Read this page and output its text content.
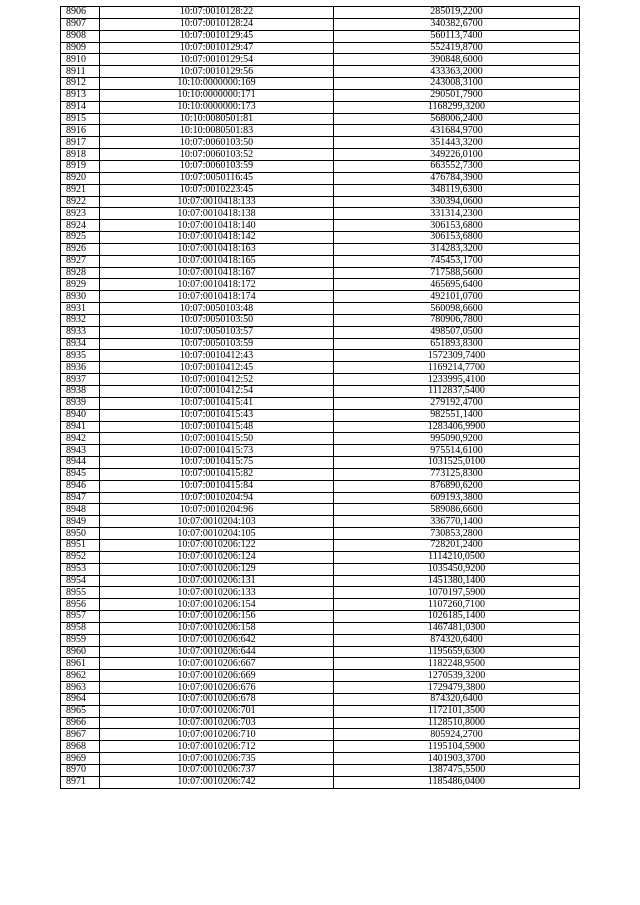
8906	10:07:0010128:22	285019,2200
8907	10:07:0010128:24	340382,6700
8908	10:07:0010129:45	560113,7400
8909	10:07:0010129:47	552419,8700
8910	10:07:0010129:54	390848,6000
8911	10:07:0010129:56	433363,2000
8912	10:10:0000000:169	243008,3100
8913	10:10:0000000:171	290501,7900
8914	10:10:0000000:173	1168299,3200
8915	10:10:0080501:81	568006,2400
8916	10:10:0080501:83	431684,9700
8917	10:07:0060103:50	351443,3200
8918	10:07:0060103:52	349226,0100
8919	10:07:0060103:59	663552,7300
8920	10:07:0050116:45	476784,3900
8921	10:07:0010223:45	348119,6300
8922	10:07:0010418:133	330394,0600
8923	10:07:0010418:138	331314,2300
8924	10:07:0010418:140	306153,6800
8925	10:07:0010418:142	306153,6800
8926	10:07:0010418:163	314283,3200
8927	10:07:0010418:165	745453,1700
8928	10:07:0010418:167	717588,5600
8929	10:07:0010418:172	465695,6400
8930	10:07:0010418:174	492101,0700
8931	10:07:0050103:48	560098,6600
8932	10:07:0050103:50	780906,7800
8933	10:07:0050103:57	498507,0500
8934	10:07:0050103:59	651893,8300
8935	10:07:0010412:43	1572309,7400
8936	10:07:0010412:45	1169214,7700
8937	10:07:0010412:52	1233995,4100
8938	10:07:0010412:54	1112837,5400
8939	10:07:0010415:41	279192,4700
8940	10:07:0010415:43	982551,1400
8941	10:07:0010415:48	1283406,9900
8942	10:07:0010415:50	995090,9200
8943	10:07:0010415:73	975514,6100
8944	10:07:0010415:75	1031525,0100
8945	10:07:0010415:82	773125,8300
8946	10:07:0010415:84	876890,6200
8947	10:07:0010204:94	609193,3800
8948	10:07:0010204:96	589086,6600
8949	10:07:0010204:103	336770,1400
8950	10:07:0010204:105	730853,2800
8951	10:07:0010206:122	728201,2400
8952	10:07:0010206:124	1114210,0500
8953	10:07:0010206:129	1035450,9200
8954	10:07:0010206:131	1451380,1400
8955	10:07:0010206:133	1070197,5900
8956	10:07:0010206:154	1107260,7100
8957	10:07:0010206:156	1026185,1400
8958	10:07:0010206:158	1467481,0300
8959	10:07:0010206:642	874320,6400
8960	10:07:0010206:644	1195659,6300
8961	10:07:0010206:667	1182248,9500
8962	10:07:0010206:669	1270539,3200
8963	10:07:0010206:676	1729479,3800
8964	10:07:0010206:678	874320,6400
8965	10:07:0010206:701	1172101,3500
8966	10:07:0010206:703	1128510,8000
8967	10:07:0010206:710	805924,2700
8968	10:07:0010206:712	1195104,5900
8969	10:07:0010206:735	1401903,3700
8970	10:07:0010206:737	1387475,5500
8971	10:07:0010206:742	1185486,0400
